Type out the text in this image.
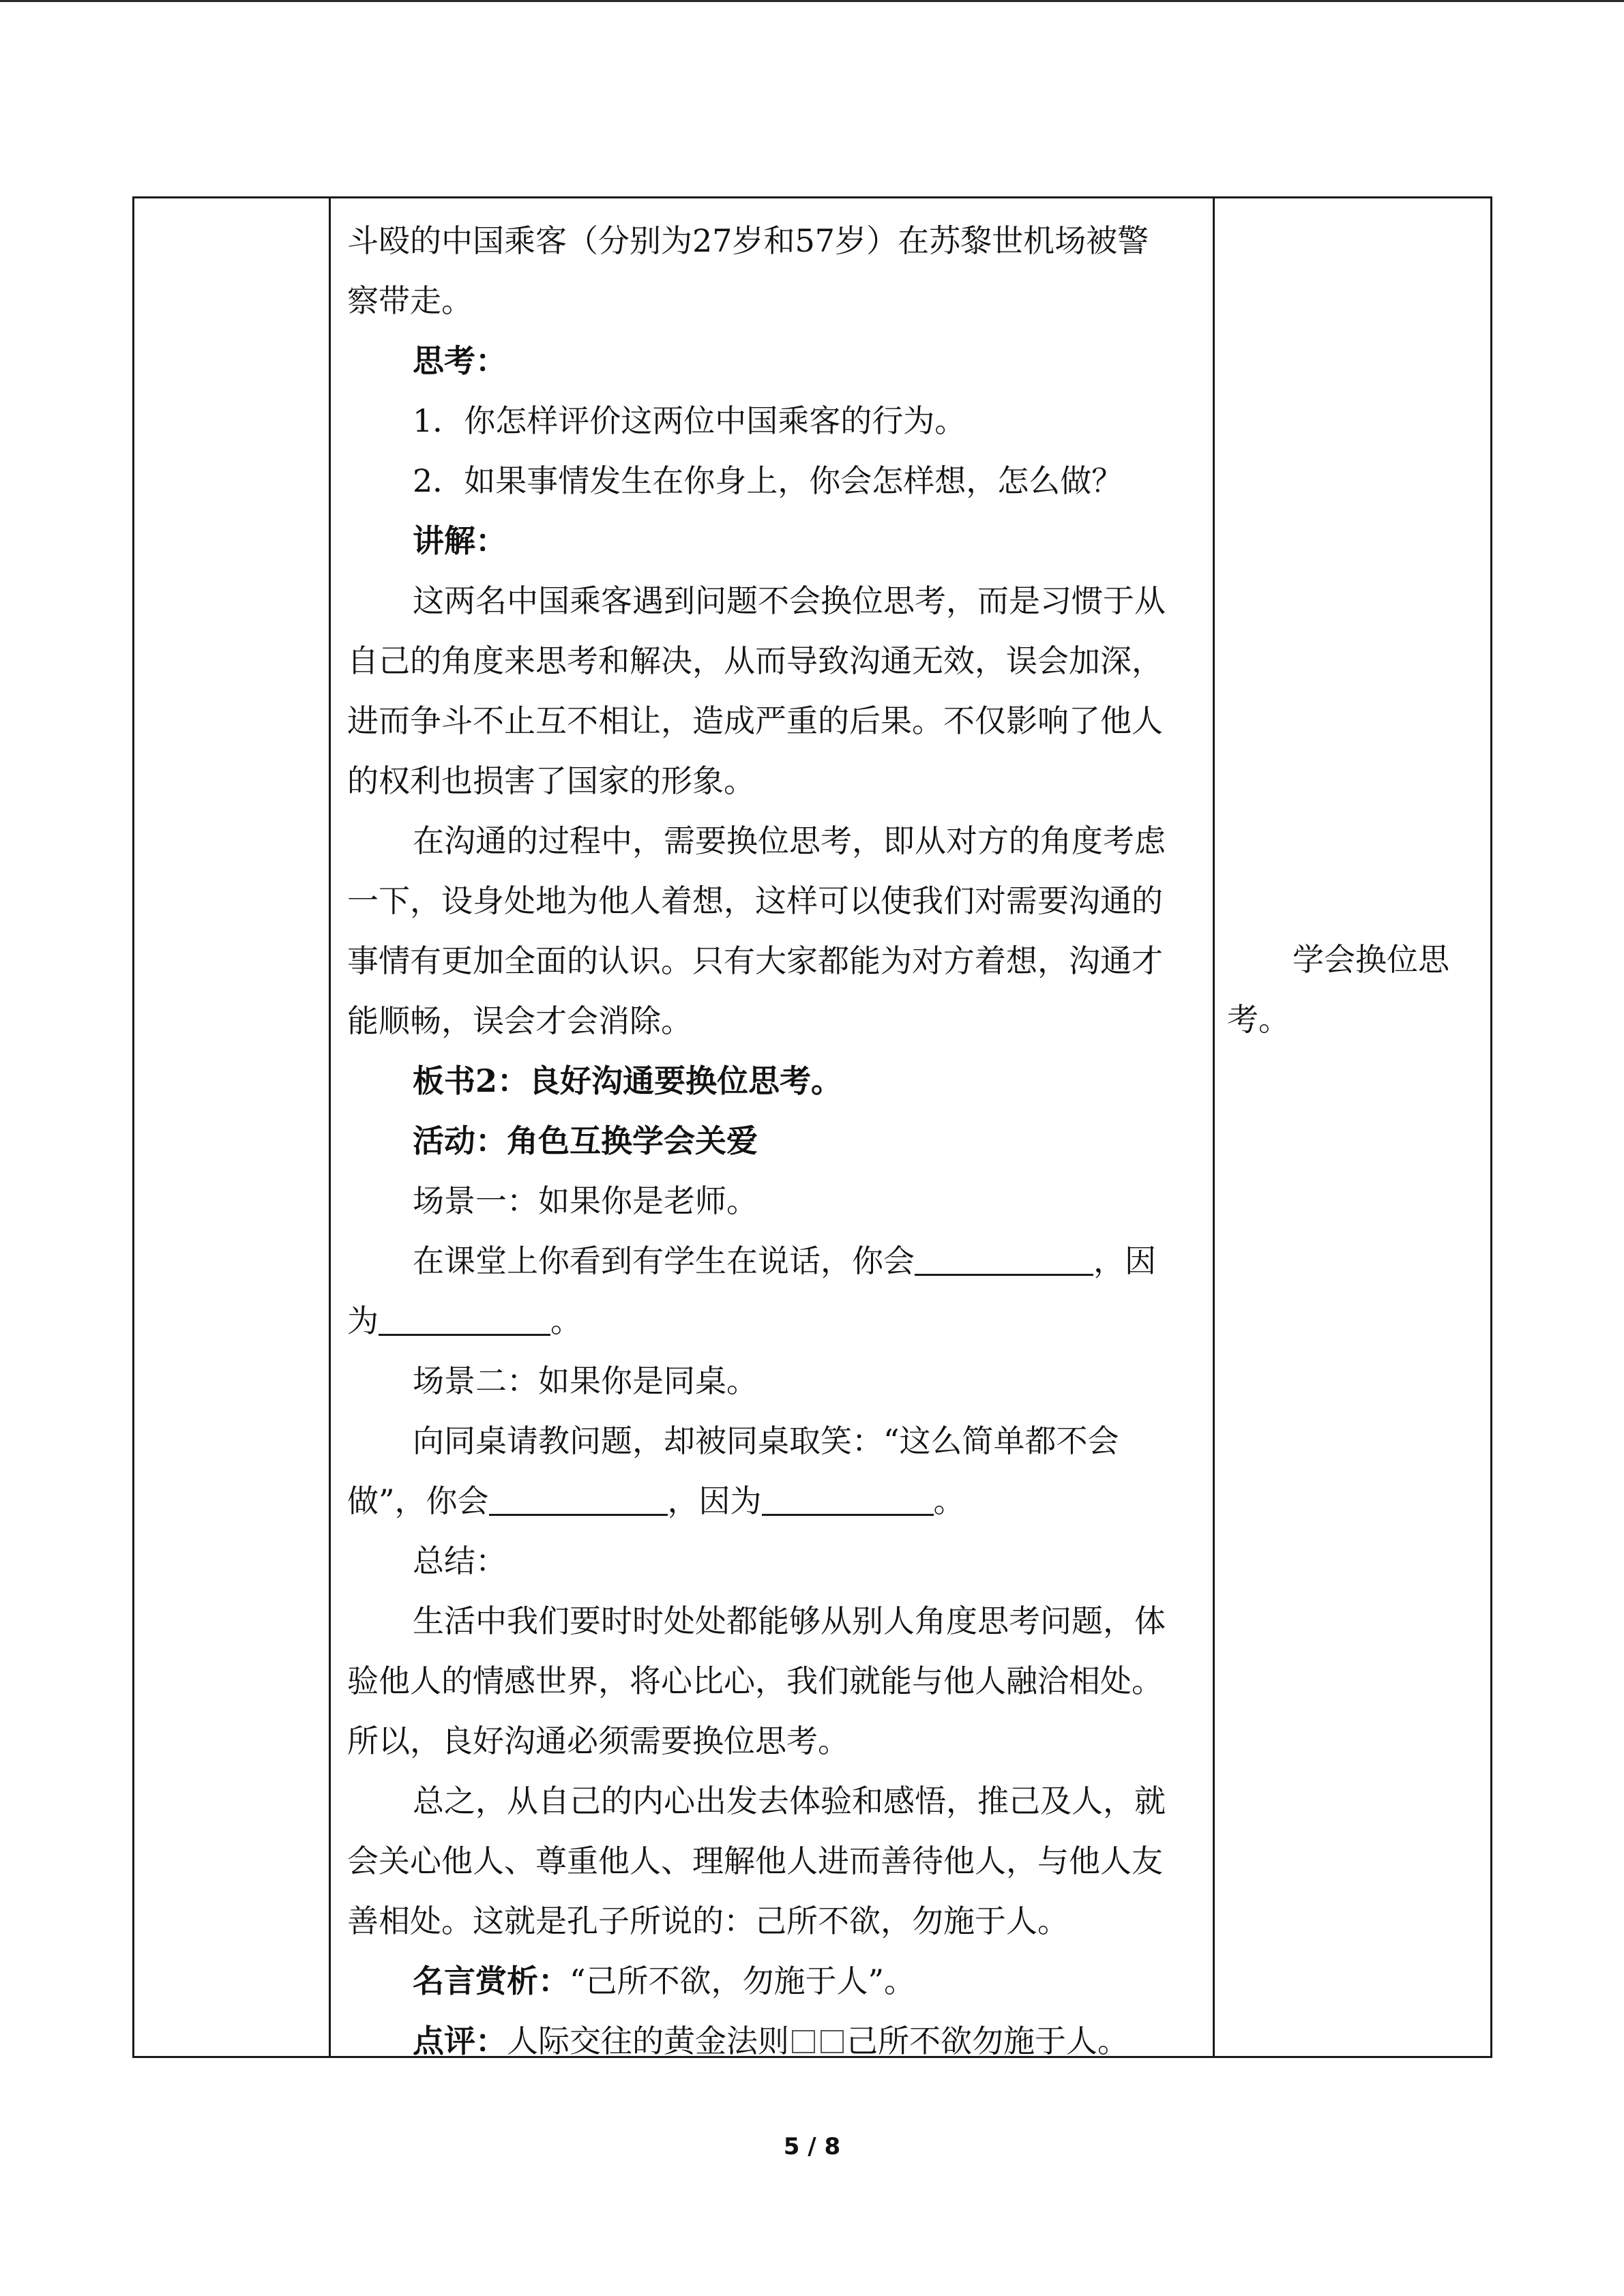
斗殴的中国乘客（分别为27岁和57岁）在苏黎世机场被警

察带走。

思考：

1．你怎样评价这两位中国乘客的行为。

2．如果事情发生在你身上，你会怎样想，怎么做？

讲解：

这两名中国乘客遇到问题不会换位思考，而是习惯于从

自己的角度来思考和解决，从而导致沟通无效，误会加深，

进而争斗不止互不相让，造成严重的后果。不仅影响了他人

的权利也损害了国家的形象。

在沟通的过程中，需要换位思考，即从对方的角度考虑

一下，设身处地为他人着想，这样可以使我们对需要沟通的

事情有更加全面的认识。只有大家都能为对方着想，沟通才

能顺畅，误会才会消除。

板书2：良好沟通要换位思考。

活动：角色互换学会关爱

场景一：如果你是老师。

在课堂上你看到有学生在说话，你会	，因

为	。

场景二：如果你是同桌。

向同桌请教问题，却被同桌取笑：“这么简单都不会

做”，你会	，因为	。

总结：

生活中我们要时时处处都能够从别人角度思考问题，体

验他人的情感世界，将心比心，我们就能与他人融洽相处。

所以，良好沟通必须需要换位思考。

总之，从自己的内心出发去体验和感悟，推己及人，就

会关心他人、尊重他人、理解他人进而善待他人，与他人友

善相处。这就是孔子所说的：己所不欲，勿施于人。

名言赏析：“己所不欲，勿施于人”。

点评：人际交往的黄金法则 己所不欲勿施于人。

学会换位思

考。

5 / 8
